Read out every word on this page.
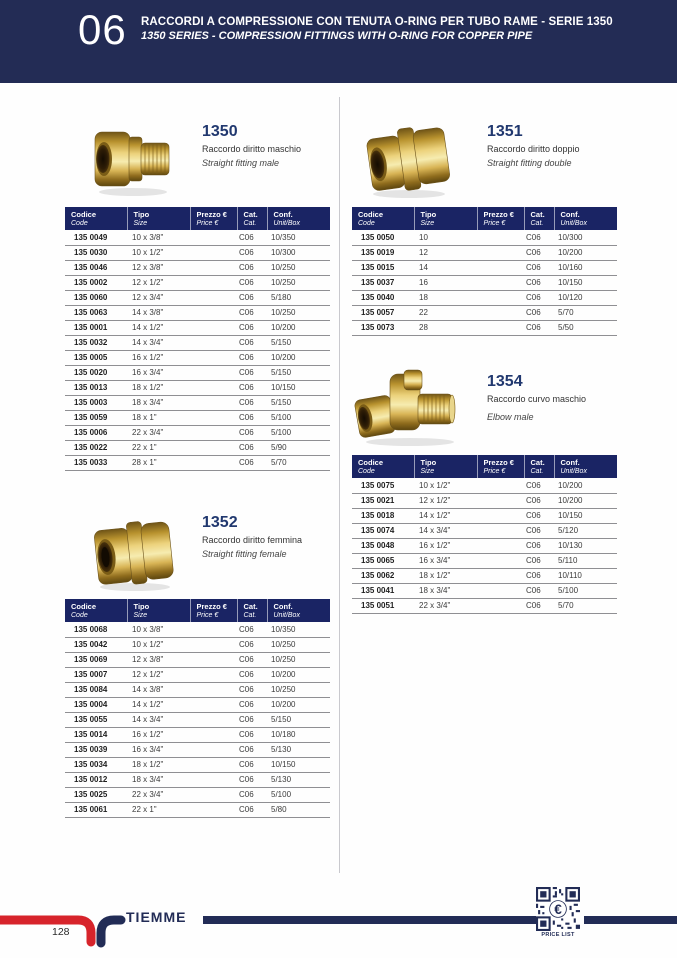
06 RACCORDI A COMPRESSIONE CON TENUTA O-RING PER TUBO RAME - SERIE 1350
1350 SERIES - COMPRESSION FITTINGS WITH O-RING FOR COPPER PIPE
1350
Raccordo diritto maschio
Straight fitting male
Codice
Code

Tipo
Size

Prezzo €
Price €

Cat.
Cat.

Conf.
Unit/Box

135 0049	10 x 3/8"		C06	10/350
135 0030	10 x 1/2"		C06	10/300
135 0046	12 x 3/8"		C06	10/250
135 0002	12 x 1/2"		C06	10/250
135 0060	12 x 3/4"		C06	5/180
135 0063	14 x 3/8"		C06	10/250
135 0001	14 x 1/2"		C06	10/200
135 0032	14 x 3/4"		C06	5/150
135 0005	16 x 1/2"		C06	10/200
135 0020	16 x 3/4"		C06	5/150
135 0013	18 x 1/2"		C06	10/150
135 0003	18 x 3/4"		C06	5/150
135 0059	18 x 1"		C06	5/100
135 0006	22 x 3/4"		C06	5/100
135 0022	22 x 1"		C06	5/90
135 0033	28 x 1"		C06	5/70
1351
Raccordo diritto doppio
Straight fitting double
Codice
Code

Tipo
Size

Prezzo €
Price €

Cat.
Cat.

Conf.
Unit/Box

135 0050	10		C06	10/300
135 0019	12		C06	10/200
135 0015	14		C06	10/160
135 0037	16		C06	10/150
135 0040	18		C06	10/120
135 0057	22		C06	5/70
135 0073	28		C06	5/50
1354
Raccordo curvo maschio
Elbow male
Codice
Code

Tipo
Size

Prezzo €
Price €

Cat.
Cat.

Conf.
Unit/Box

135 0075	10 x 1/2"		C06	10/200
135 0021	12 x 1/2"		C06	10/200
135 0018	14 x 1/2"		C06	10/150
135 0074	14 x 3/4"		C06	5/120
135 0048	16 x 1/2"		C06	10/130
135 0065	16 x 3/4"		C06	5/110
135 0062	18 x 1/2"		C06	10/110
135 0041	18 x 3/4"		C06	5/100
135 0051	22 x 3/4"		C06	5/70
1352
Raccordo diritto femmina
Straight fitting female
Codice
Code

Tipo
Size

Prezzo €
Price €

Cat.
Cat.

Conf.
Unit/Box

135 0068	10 x 3/8"		C06	10/350
135 0042	10 x 1/2"		C06	10/250
135 0069	12 x 3/8"		C06	10/250
135 0007	12 x 1/2"		C06	10/200
135 0084	14 x 3/8"		C06	10/250
135 0004	14 x 1/2"		C06	10/200
135 0055	14 x 3/4"		C06	5/150
135 0014	16 x 1/2"		C06	10/180
135 0039	16 x 3/4"		C06	5/130
135 0034	18 x 1/2"		C06	10/150
135 0012	18 x 3/4"		C06	5/130
135 0025	22 x 3/4"		C06	5/100
135 0061	22 x 1"		C06	5/80
TIEMME
128
€
PRICE LIST
